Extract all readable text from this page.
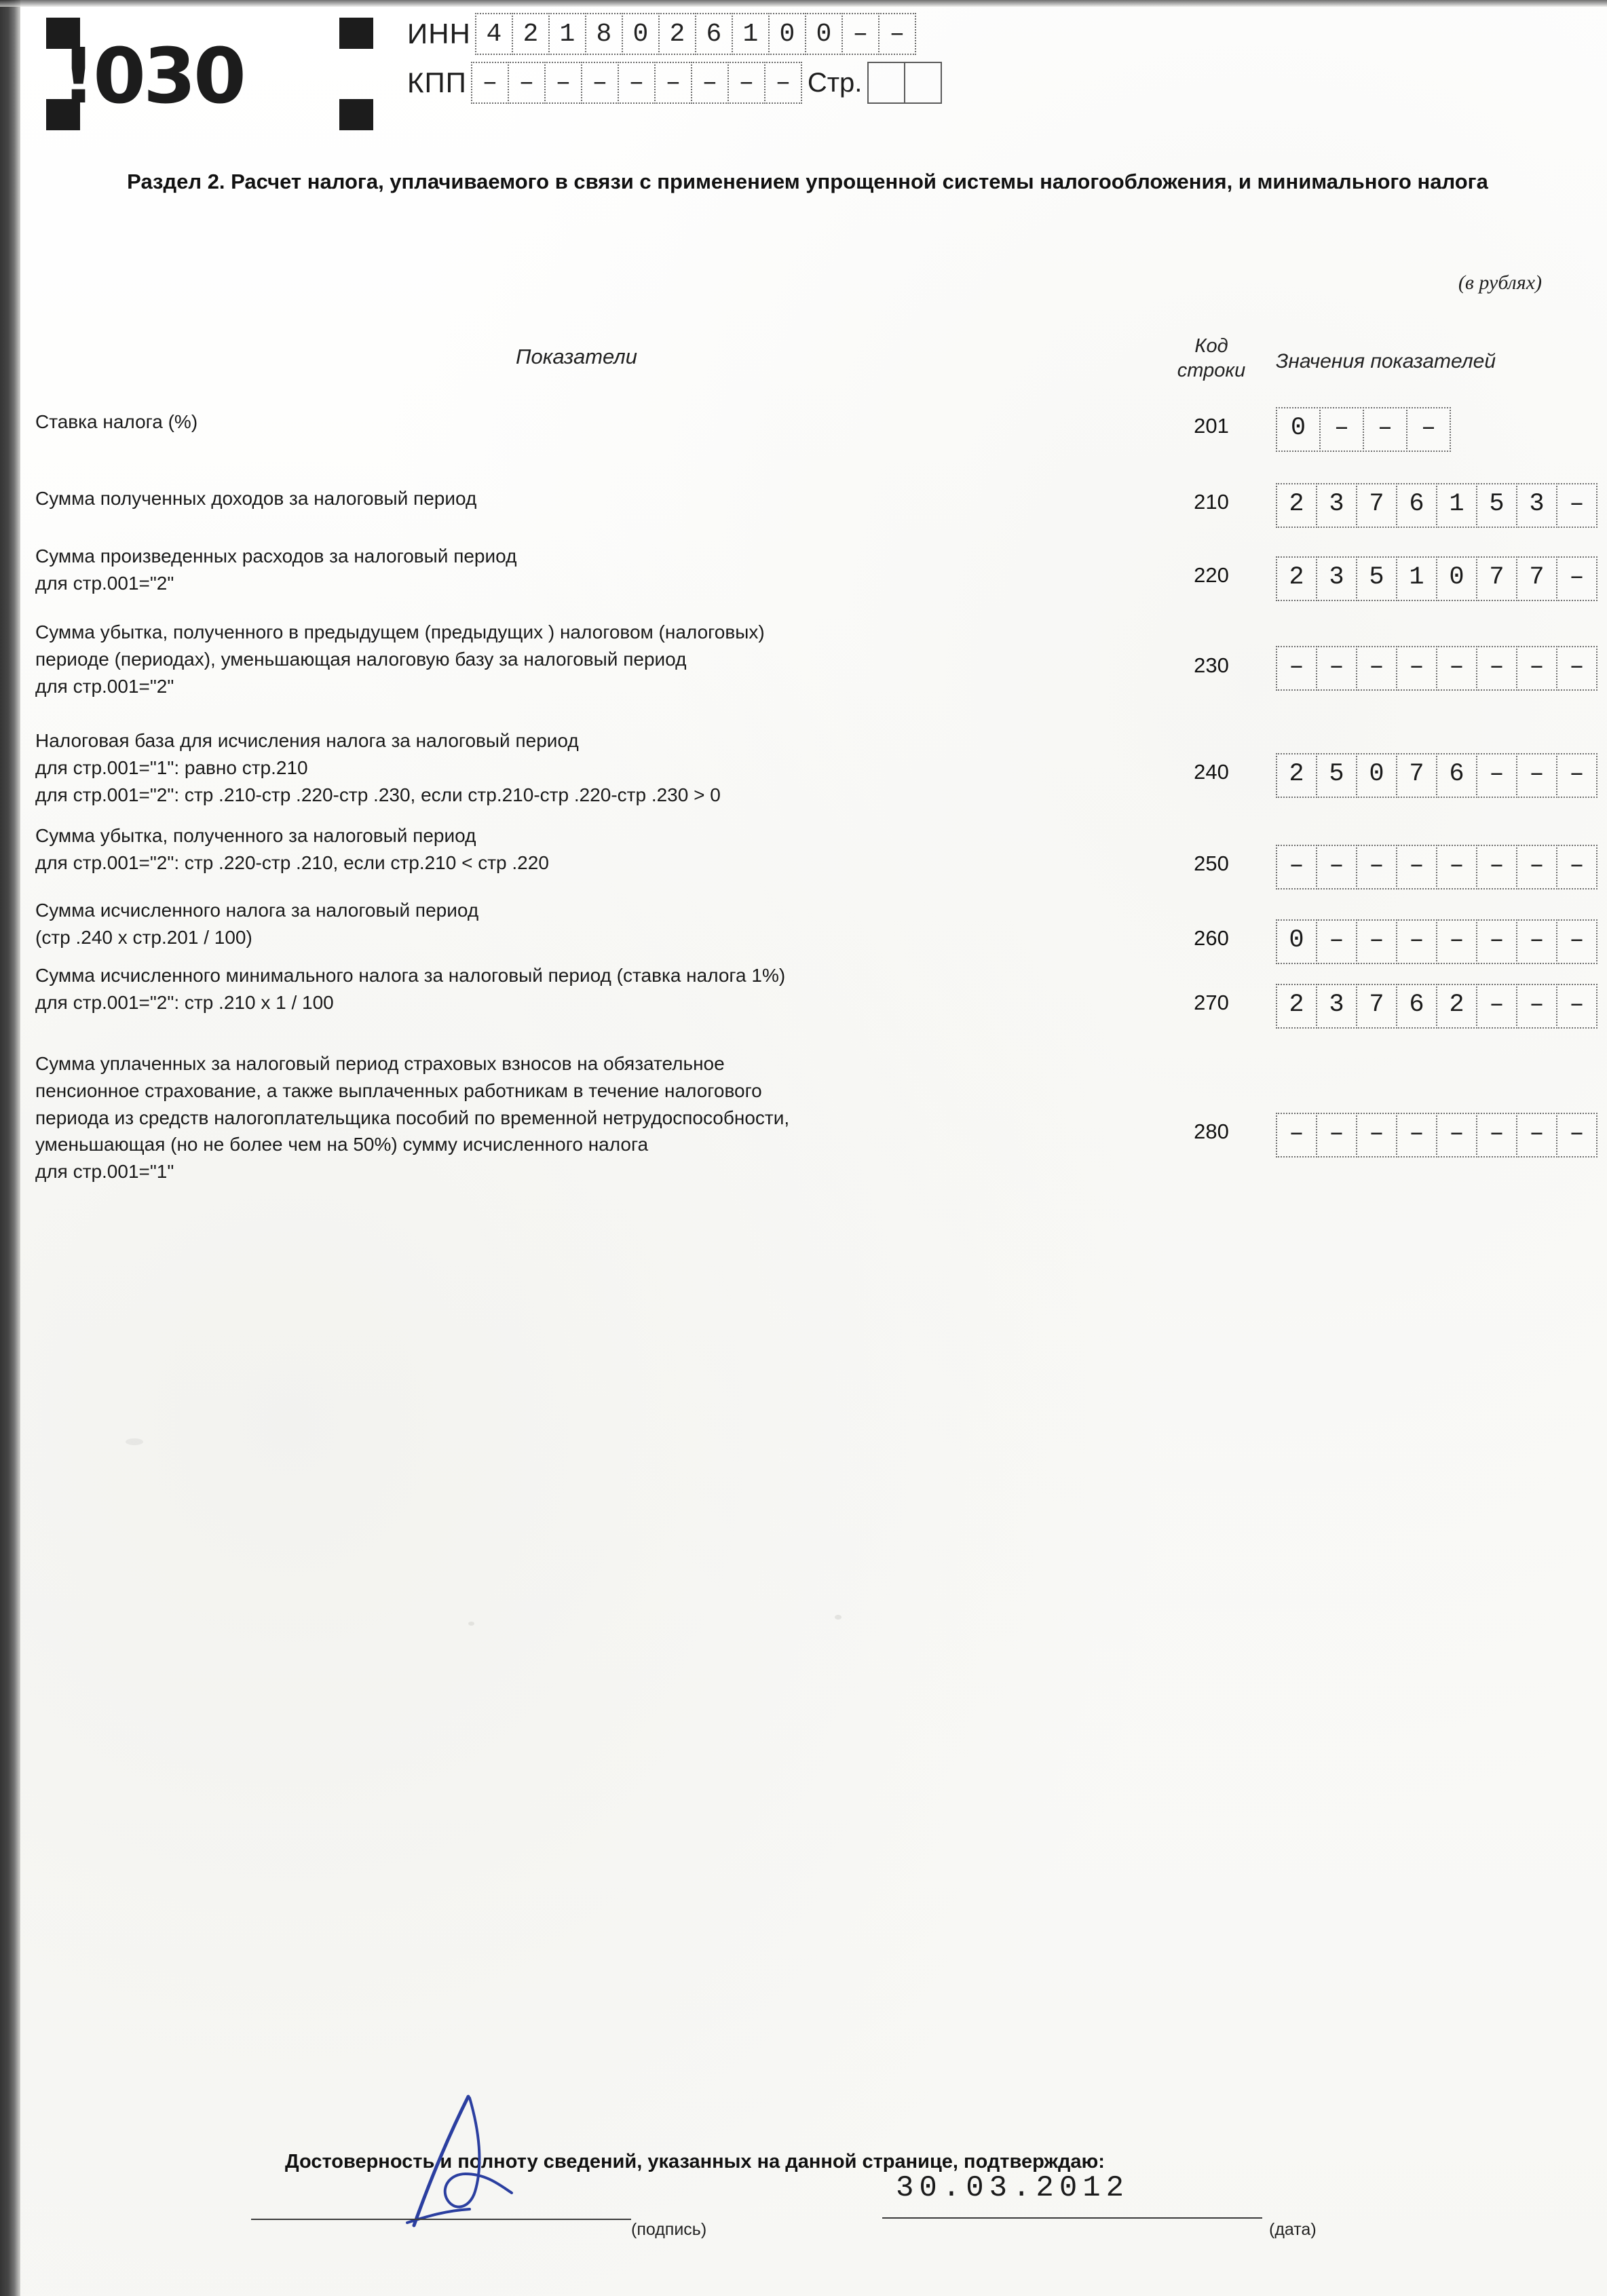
!030	ИНН 4 2 1 8 0 2 6 1 0 0 – –
КПП – – – – – – – – – Стр.
Раздел 2. Расчет налога, уплачиваемого в связи с применением упрощенной системы налогообложения, и минимального налога
(в рублях)
Показатели	Код
строки	Значения показателей
Ставка налога (%)	201	0 – – –
Сумма полученных доходов за налоговый период	210	2 3 7 6 1 5 3 –
Сумма произведенных расходов за налоговый период
для стр.001="2"	220	2 3 5 1 0 7 7 –
Сумма убытка, полученного в предыдущем (предыдущих ) налоговом (налоговых)
периоде (периодах), уменьшающая налоговую базу за налоговый период
для стр.001="2"
230	– – – – – – – –
Налоговая база для исчисления налога за налоговый период
для стр.001="1": равно стр.210
для стр.001="2": стр .210-стр .220-стр .230, если стр.210-стр .220-стр .230 > 0
240	2 5 0 7 6 – – –
Сумма убытка, полученного за налоговый период
для стр.001="2": стр .220-стр .210, если стр.210 < стр .220	250	– – – – – – – –
Сумма исчисленного налога за налоговый период
(стр .240 х стр.201 / 100)	260	0 – – – – – – –
Сумма исчисленного минимального налога за налоговый период (ставка налога 1%)
для стр.001="2": стр .210 х 1 / 100	270	2 3 7 6 2 – – –
Сумма уплаченных за налоговый период страховых взносов на обязательное
пенсионное страхование, а также выплаченных работникам в течение налогового
периода из средств налогоплательщика пособий по временной нетрудоспособности,
уменьшающая (но не более чем на 50%) сумму исчисленного налога
для стр.001="1"
280	– – – – – – – –
Достоверность и полноту сведений, указанных на данной странице, подтверждаю:
(подпись)
30.03.2012
(дата)
